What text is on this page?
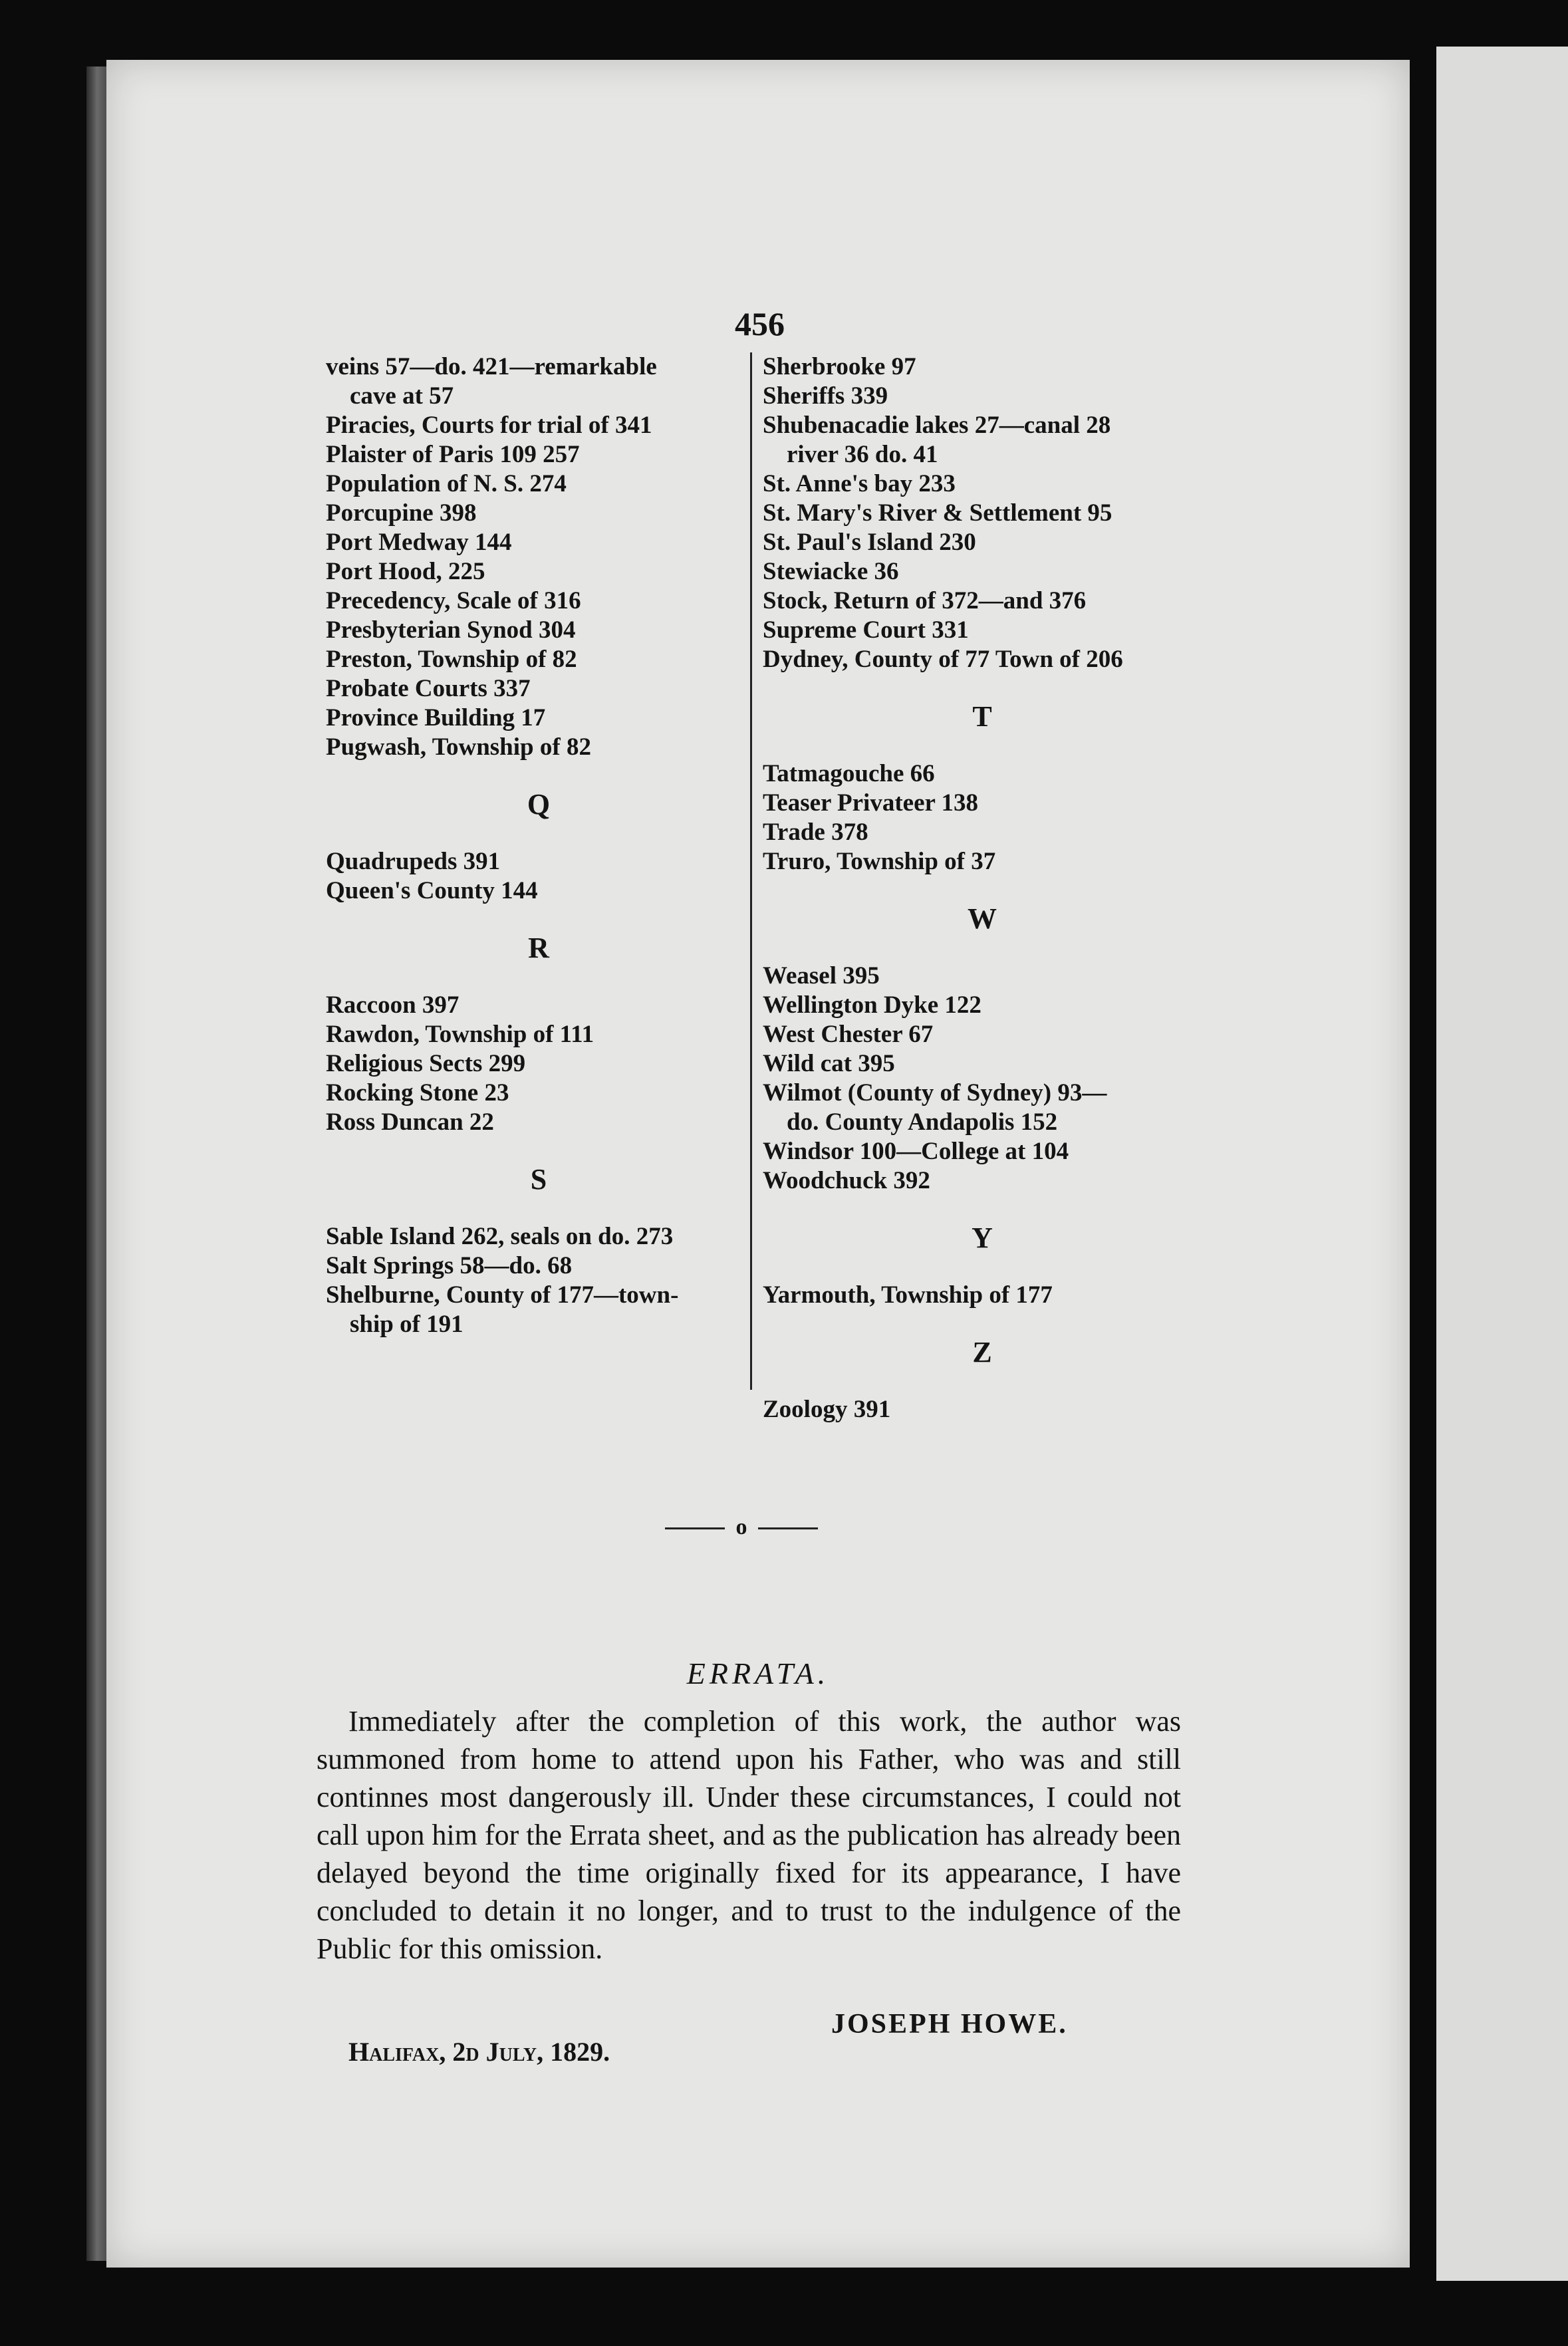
456
veins 57—do. 421—remarkable
cave at 57
Piracies, Courts for trial of 341
Plaister of Paris 109 257
Population of N. S. 274
Porcupine 398
Port Medway 144
Port Hood, 225
Precedency, Scale of 316
Presbyterian Synod 304
Preston, Township of 82
Probate Courts 337
Province Building 17
Pugwash, Township of 82
Q
Quadrupeds 391
Queen's County 144
R
Raccoon 397
Rawdon, Township of 111
Religious Sects 299
Rocking Stone 23
Ross Duncan 22
S
Sable Island 262, seals on do. 273
Salt Springs 58—do. 68
Shelburne, County of 177—town-
ship of 191
Sherbrooke 97
Sheriffs 339
Shubenacadie lakes 27—canal 28
river 36 do. 41
St. Anne's bay 233
St. Mary's River & Settlement 95
St. Paul's Island 230
Stewiacke 36
Stock, Return of 372—and 376
Supreme Court 331
Dydney, County of 77 Town of 206
T
Tatmagouche 66
Teaser Privateer 138
Trade 378
Truro, Township of 37
W
Weasel 395
Wellington Dyke 122
West Chester 67
Wild cat 395
Wilmot (County of Sydney) 93—
do. County Andapolis 152
Windsor 100—College at 104
Woodchuck 392
Y
Yarmouth, Township of 177
Z
Zoology 391
o
ERRATA.

Immediately after the completion of this work, the author was summoned from home to attend upon his Father, who was and still continnes most dangerously ill. Under these circumstances, I could not call upon him for the Errata sheet, and as the publication has already been delayed beyond the time originally fixed for its appearance, I have concluded to detain it no longer, and to trust to the indulgence of the Public for this omission.

Halifax, 2d July, 1829.
JOSEPH HOWE.
